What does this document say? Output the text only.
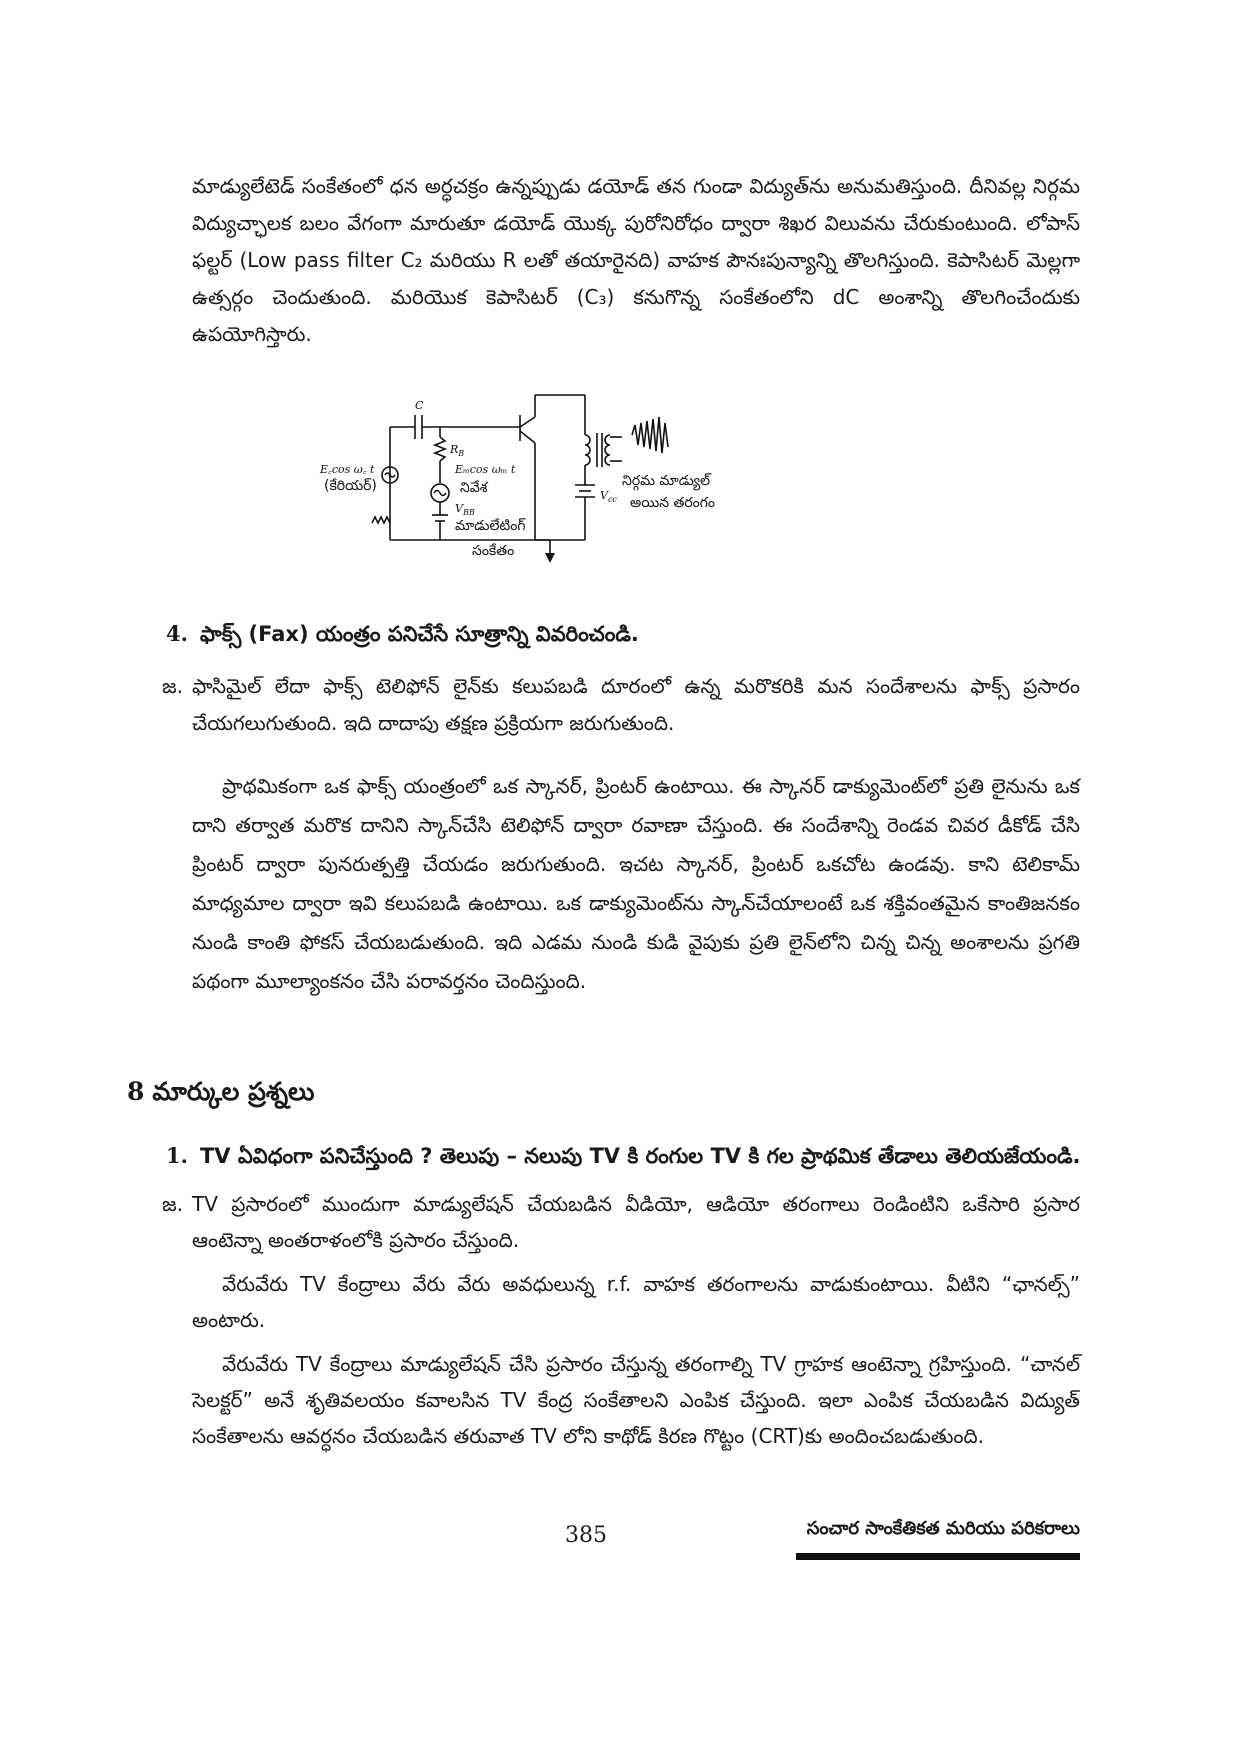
మాడ్యులేటెడ్ సంకేతంలో ధన అర్ధచక్రం ఉన్నప్పుడు డయోడ్ తన గుండా విద్యుత్‌ను అనుమతిస్తుంది. దీనివల్ల నిర్గమ విద్యుచ్ఛాలక బలం వేగంగా మారుతూ డయోడ్ యొక్క పురోనిరోధం ద్వారా శిఖర విలువను చేరుకుంటుంది. లోపాస్ ఫల్టర్ (Low pass filter C₂ మరియు R లతో తయారైనది) వాహక పౌనఃపున్యాన్ని తొలగిస్తుంది. కెపాసిటర్ మెల్లగా ఉత్సర్గం చెందుతుంది. మరియొక కెపాసిటర్ (C₃) కనుగొన్న సంకేతంలోని dC అంశాన్ని తొలగించేందుకు ఉపయోగిస్తారు.

C
$R_B$
E꜀cos ω꜀ t
(కేరియర్)
Eₘcos ωₘ t
నివేశ
$V_{BB}$
మాడులేటింగ్
సంకేతం
$V_{cc}$
నిర్గమ మాడ్యుల్
అయిన తరంగం
4. ఫాక్స్ (Fax) యంత్రం పనిచేసే సూత్రాన్ని వివరించండి.
జ. ఫాసిమైల్ లేదా ఫాక్స్ టెలిఫోన్ లైన్‌కు కలుపబడి దూరంలో ఉన్న మరొకరికి మన సందేశాలను ఫాక్స్ ప్రసారం చేయగలుగుతుంది. ఇది దాదాపు తక్షణ ప్రక్రియగా జరుగుతుంది.

ప్రాథమికంగా ఒక ఫాక్స్ యంత్రంలో ఒక స్కానర్, ప్రింటర్ ఉంటాయి. ఈ స్కానర్ డాక్యుమెంట్‌లో ప్రతి లైనును ఒక దాని తర్వాత మరొక దానిని స్కాన్‌చేసి టెలిఫోన్ ద్వారా రవాణా చేస్తుంది. ఈ సందేశాన్ని రెండవ చివర డీకోడ్ చేసి ప్రింటర్ ద్వారా పునరుత్పత్తి చేయడం జరుగుతుంది. ఇచట స్కానర్, ప్రింటర్ ఒకచోట ఉండవు. కాని టెలికామ్ మాధ్యమాల ద్వారా ఇవి కలుపబడి ఉంటాయి. ఒక డాక్యుమెంట్‌ను స్కాన్‌చేయాలంటే ఒక శక్తివంతమైన కాంతిజనకం నుండి కాంతి ఫోకస్ చేయబడుతుంది. ఇది ఎడమ నుండి కుడి వైపుకు ప్రతి లైన్‌లోని చిన్న చిన్న అంశాలను ప్రగతి పథంగా మూల్యాంకనం చేసి పరావర్తనం చెందిస్తుంది.

8 మార్కుల ప్రశ్నలు
1. TV ఏవిధంగా పనిచేస్తుంది ? తెలుపు – నలుపు TV కి రంగుల TV కి గల ప్రాథమిక తేడాలు తెలియజేయండి.
జ. TV ప్రసారంలో ముందుగా మాడ్యులేషన్ చేయబడిన వీడియో, ఆడియో తరంగాలు రెండింటిని ఒకేసారి ప్రసార ఆంటెన్నా అంతరాళంలోకి ప్రసారం చేస్తుంది.

వేరువేరు TV కేంద్రాలు వేరు వేరు అవధులున్న r.f. వాహక తరంగాలను వాడుకుంటాయి. వీటిని “ఛానల్స్” అంటారు.

వేరువేరు TV కేంద్రాలు మాడ్యులేషన్ చేసి ప్రసారం చేస్తున్న తరంగాల్ని TV గ్రాహక ఆంటెన్నా గ్రహిస్తుంది. “చానల్ సెలక్టర్” అనే శృతివలయం కవాలసిన TV కేంద్ర సంకేతాలని ఎంపిక చేస్తుంది. ఇలా ఎంపిక చేయబడిన విద్యుత్ సంకేతాలను ఆవర్ధనం చేయబడిన తరువాత TV లోని కాథోడ్ కిరణ గొట్టం (CRT)కు అందించబడుతుంది.

385	సంచార సాంకేతికత మరియు పరికరాలు
